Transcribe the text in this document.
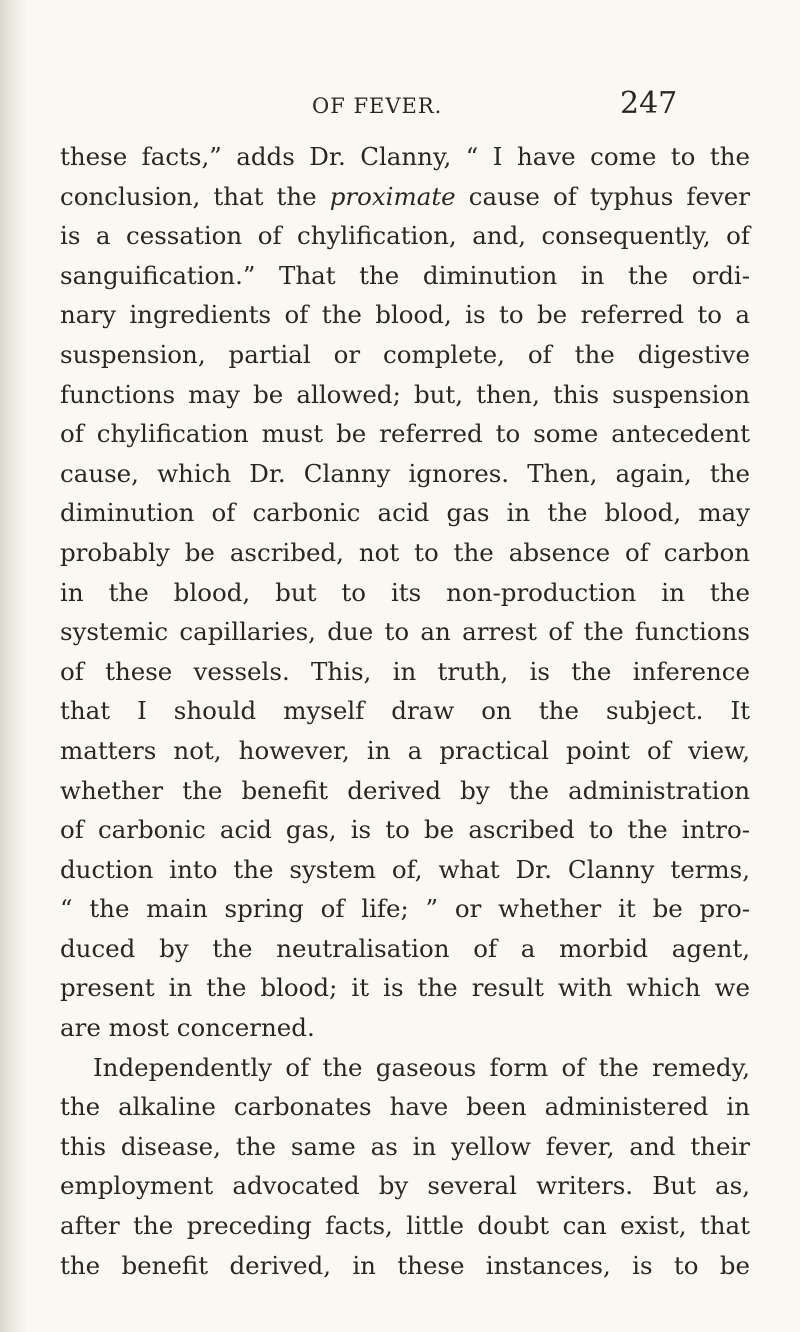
OF FEVER.	247
these facts,” adds Dr. Clanny, “ I have come to the
conclusion, that the proximate cause of typhus fever
is a cessation of chylification, and, consequently, of
sanguification.” That the diminution in the ordi-
nary ingredients of the blood, is to be referred to a
suspension, partial or complete, of the digestive
functions may be allowed; but, then, this suspension
of chylification must be referred to some antecedent
cause, which Dr. Clanny ignores. Then, again, the
diminution of carbonic acid gas in the blood, may
probably be ascribed, not to the absence of carbon
in the blood, but to its non-production in the
systemic capillaries, due to an arrest of the functions
of these vessels. This, in truth, is the inference
that I should myself draw on the subject. It
matters not, however, in a practical point of view,
whether the benefit derived by the administration
of carbonic acid gas, is to be ascribed to the intro-
duction into the system of, what Dr. Clanny terms,
“ the main spring of life; ” or whether it be pro-
duced by the neutralisation of a morbid agent,
present in the blood; it is the result with which we
are most concerned.
Independently of the gaseous form of the remedy,
the alkaline carbonates have been administered in
this disease, the same as in yellow fever, and their
employment advocated by several writers. But as,
after the preceding facts, little doubt can exist, that
the benefit derived, in these instances, is to be
